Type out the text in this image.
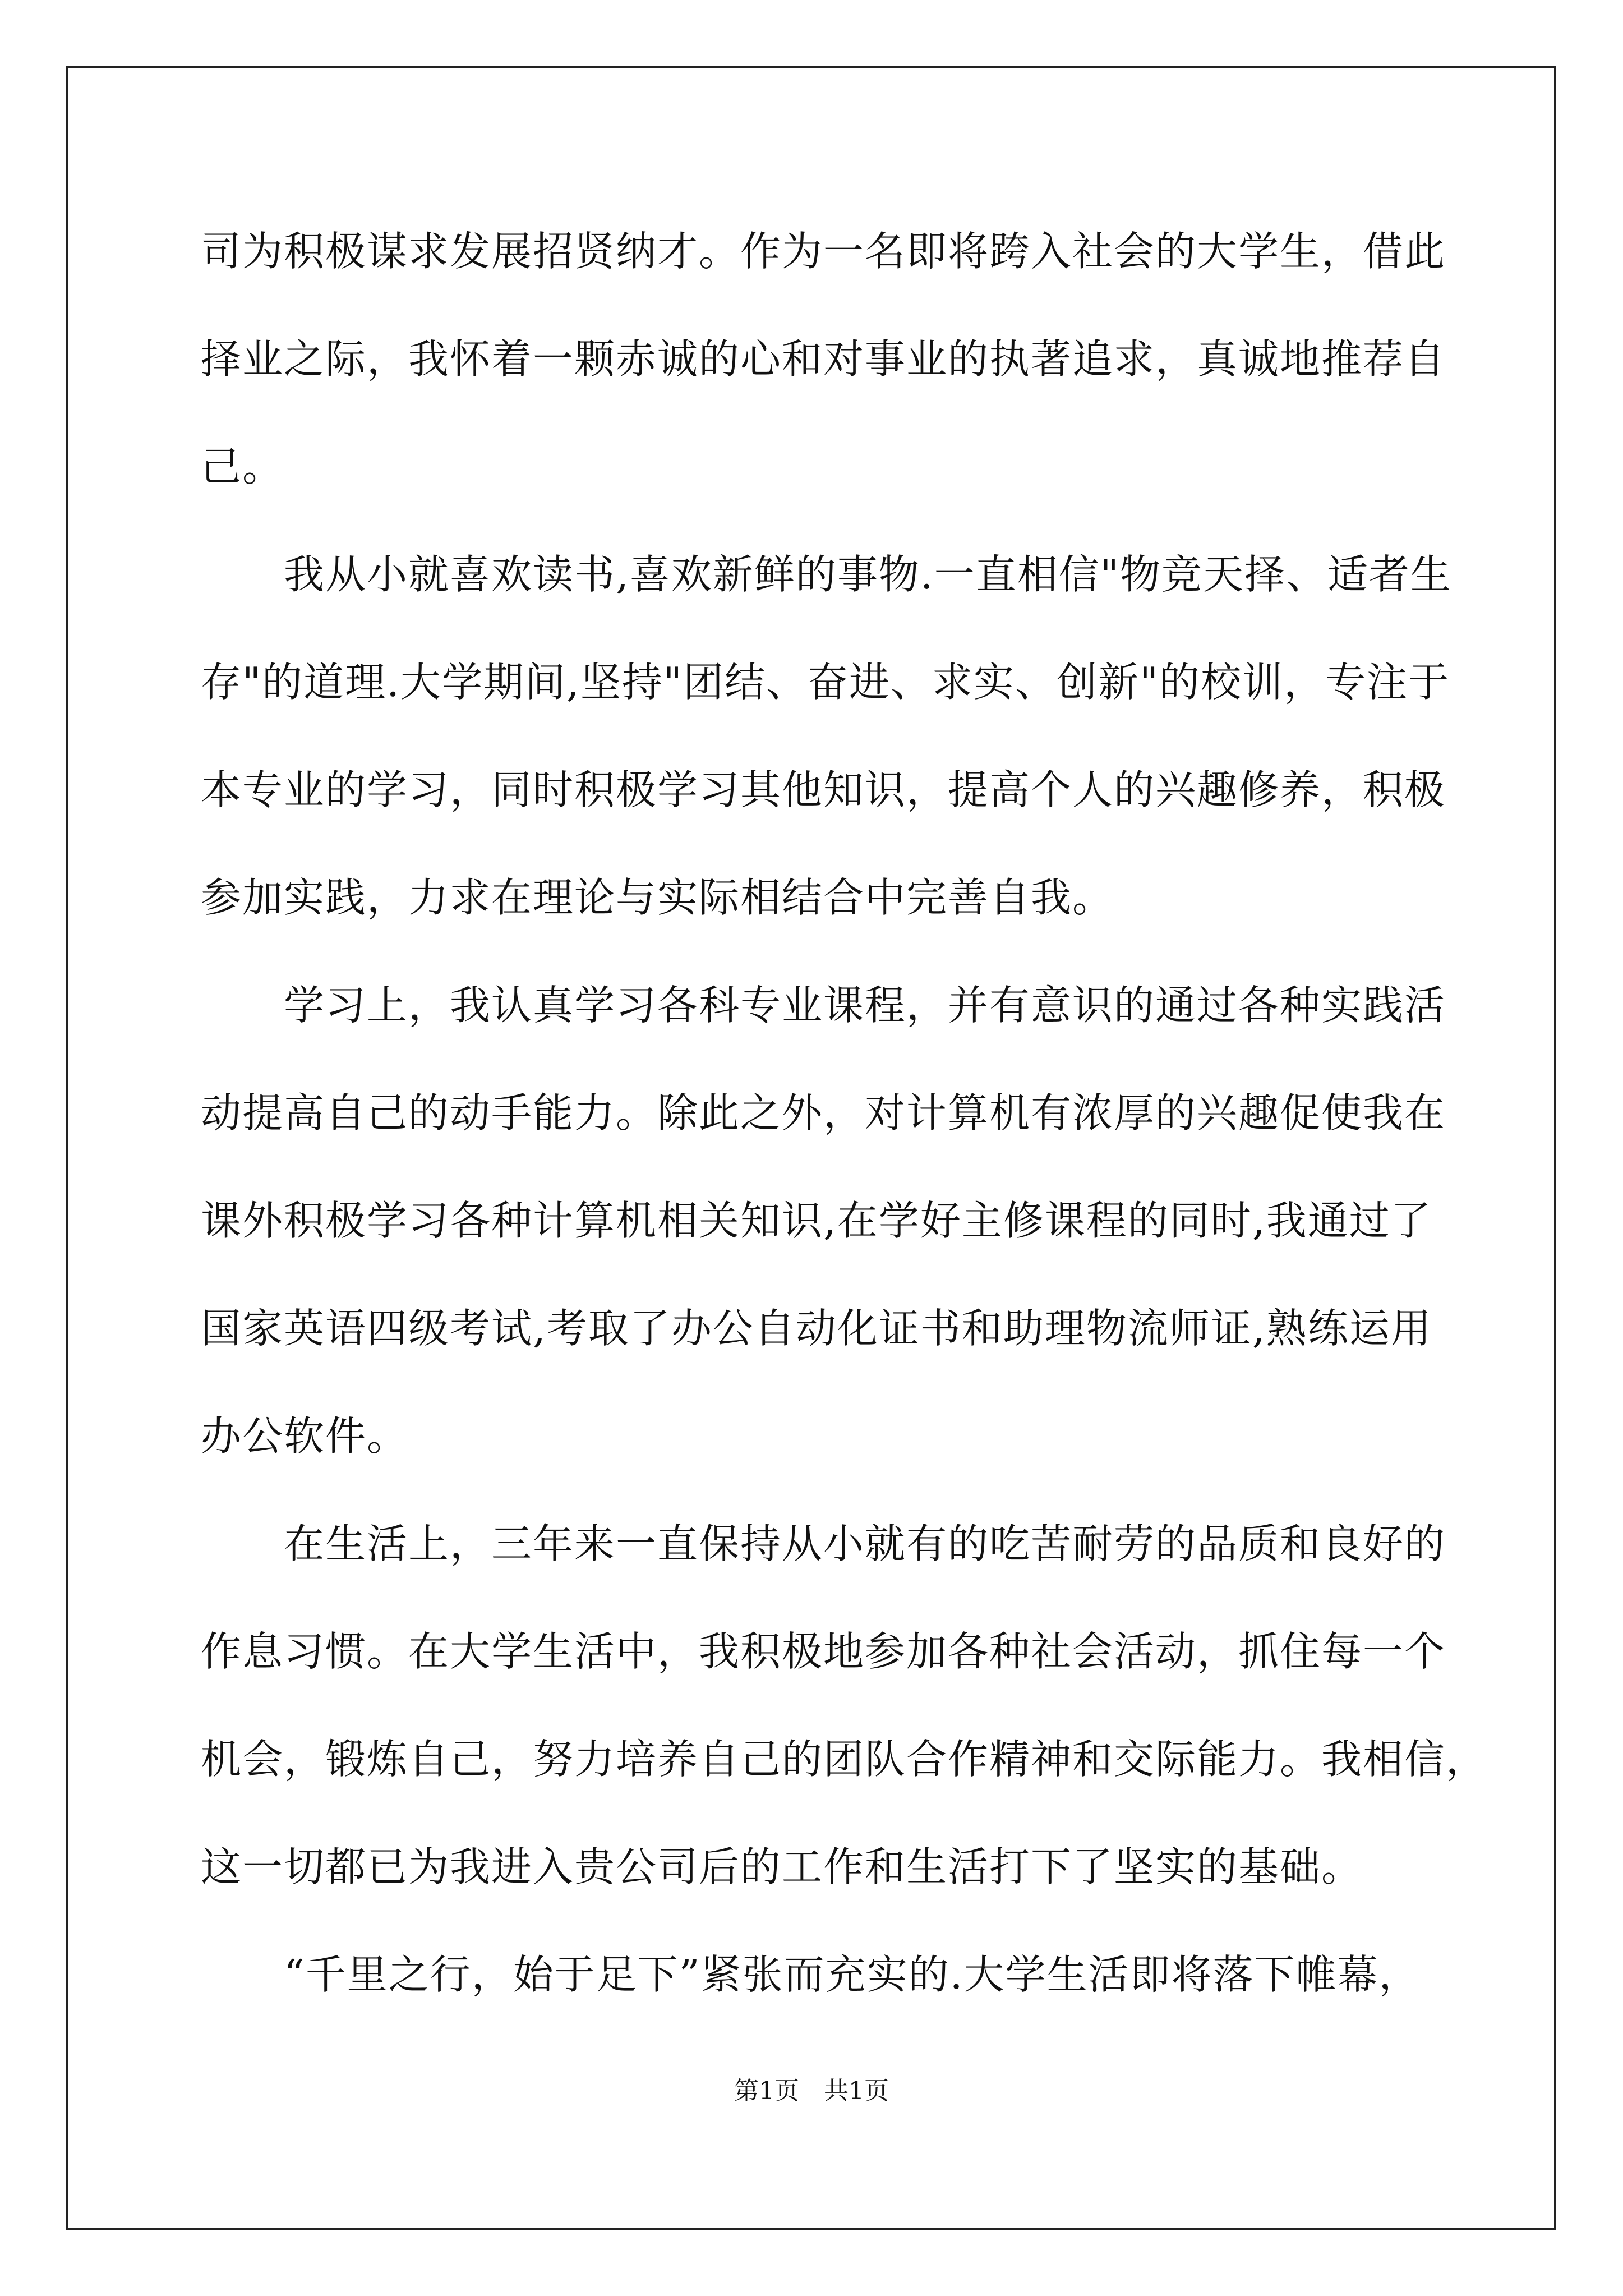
司为积极谋求发展招贤纳才。作为一名即将跨入社会的大学生，借此
择业之际，我怀着一颗赤诚的心和对事业的执著追求，真诚地推荐自
己。
　　我从小就喜欢读书,喜欢新鲜的事物.一直相信"物竞天择、适者生
存"的道理.大学期间,坚持"团结、奋进、求实、创新"的校训，专注于
本专业的学习，同时积极学习其他知识，提高个人的兴趣修养，积极
参加实践，力求在理论与实际相结合中完善自我。
　　学习上，我认真学习各科专业课程，并有意识的通过各种实践活
动提高自己的动手能力。除此之外，对计算机有浓厚的兴趣促使我在
课外积极学习各种计算机相关知识,在学好主修课程的同时,我通过了
国家英语四级考试,考取了办公自动化证书和助理物流师证,熟练运用
办公软件。
　　在生活上，三年来一直保持从小就有的吃苦耐劳的品质和良好的
作息习惯。在大学生活中，我积极地参加各种社会活动，抓住每一个
机会，锻炼自己，努力培养自己的团队合作精神和交际能力。我相信，
这一切都已为我进入贵公司后的工作和生活打下了坚实的基础。
　　“千里之行，始于足下”紧张而充实的.大学生活即将落下帷幕，
第1页　共1页
